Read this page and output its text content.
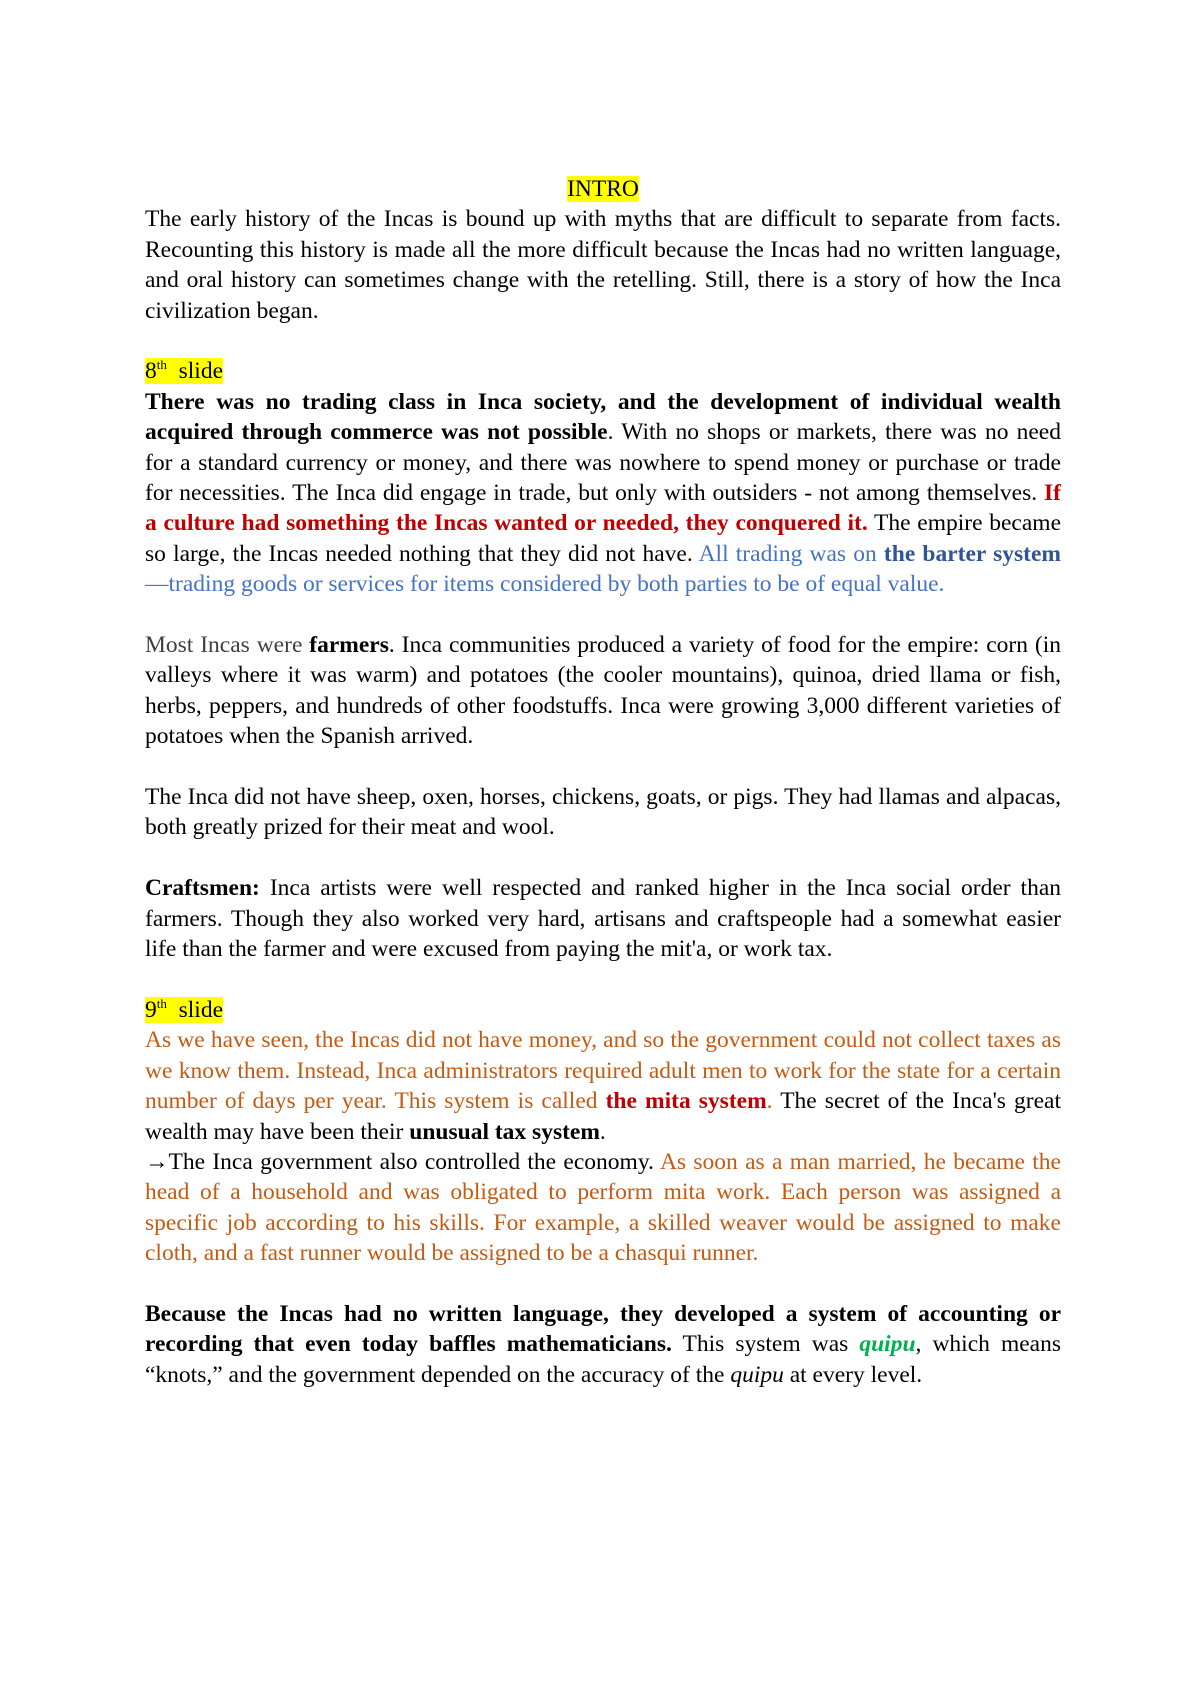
INTRO

The early history of the Incas is bound up with myths that are difficult to separate from facts. Recounting this history is made all the more difficult because the Incas had no written language, and oral history can sometimes change with the retelling. Still, there is a story of how the Inca civilization began.

8th slide

There was no trading class in Inca society, and the development of individual wealth acquired through commerce was not possible. With no shops or markets, there was no need for a standard currency or money, and there was nowhere to spend money or purchase or trade for necessities. The Inca did engage in trade, but only with outsiders - not among themselves. If a culture had something the Incas wanted or needed, they conquered it. The empire became so large, the Incas needed nothing that they did not have. All trading was on the barter system—trading goods or services for items considered by both parties to be of equal value.

Most Incas were farmers. Inca communities produced a variety of food for the empire: corn (in valleys where it was warm) and potatoes (the cooler mountains), quinoa, dried llama or fish, herbs, peppers, and hundreds of other foodstuffs. Inca were growing 3,000 different varieties of potatoes when the Spanish arrived.

The Inca did not have sheep, oxen, horses, chickens, goats, or pigs. They had llamas and alpacas, both greatly prized for their meat and wool.

Craftsmen: Inca artists were well respected and ranked higher in the Inca social order than farmers. Though they also worked very hard, artisans and craftspeople had a somewhat easier life than the farmer and were excused from paying the mit'a, or work tax.

9th slide

As we have seen, the Incas did not have money, and so the government could not collect taxes as we know them. Instead, Inca administrators required adult men to work for the state for a certain number of days per year. This system is called the mita system. The secret of the Inca's great wealth may have been their unusual tax system.
→The Inca government also controlled the economy. As soon as a man married, he became the head of a household and was obligated to perform mita work. Each person was assigned a specific job according to his skills. For example, a skilled weaver would be assigned to make cloth, and a fast runner would be assigned to be a chasqui runner.

Because the Incas had no written language, they developed a system of accounting or recording that even today baffles mathematicians. This system was quipu, which means “knots,” and the government depended on the accuracy of the quipu at every level.
